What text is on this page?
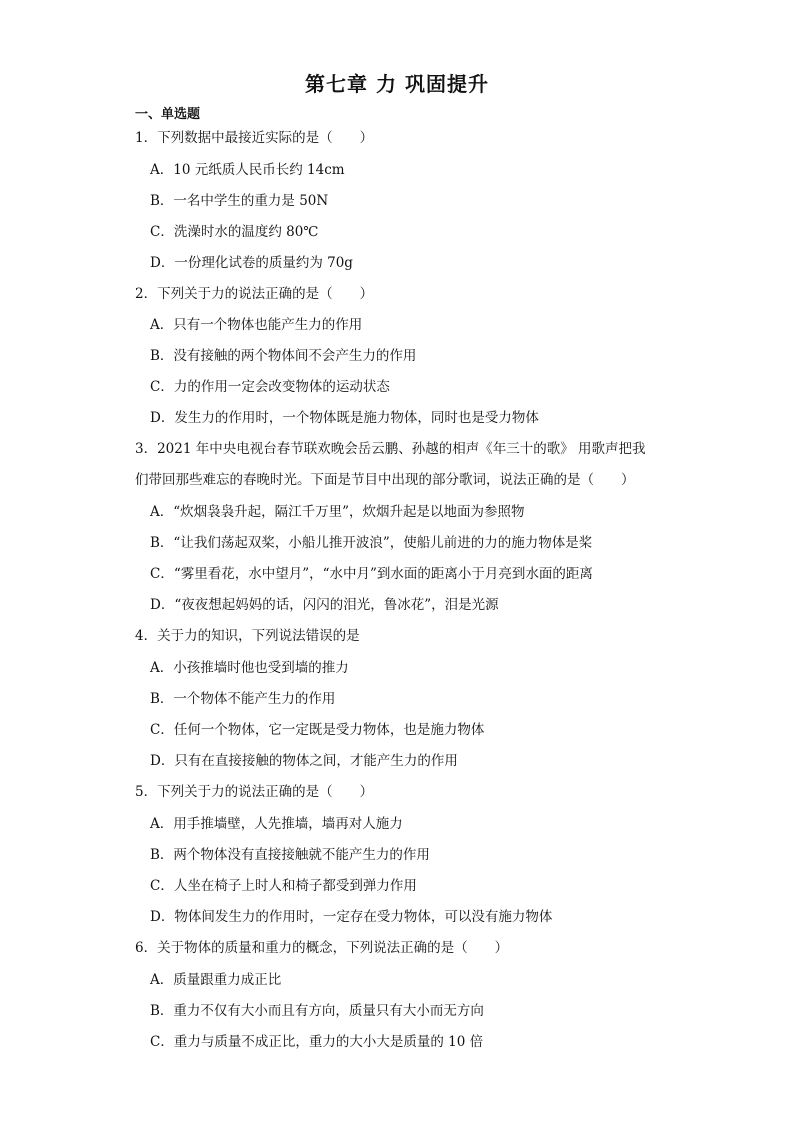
第七章 力 巩固提升
一、单选题
1．下列数据中最接近实际的是（　　）
A．10 元纸质人民币长约 14cm
B．一名中学生的重力是 50N
C．洗澡时水的温度约 80℃
D．一份理化试卷的质量约为 70g
2．下列关于力的说法正确的是（　　）
A．只有一个物体也能产生力的作用
B．没有接触的两个物体间不会产生力的作用
C．力的作用一定会改变物体的运动状态
D．发生力的作用时，一个物体既是施力物体，同时也是受力物体
3．2021 年中央电视台春节联欢晚会岳云鹏、孙越的相声《年三十的歌》 用歌声把我
们带回那些难忘的春晚时光。下面是节目中出现的部分歌词，说法正确的是（　　）
A．“炊烟袅袅升起，隔江千万里”，炊烟升起是以地面为参照物
B．“让我们荡起双桨，小船儿推开波浪”，使船儿前进的力的施力物体是桨
C．“雾里看花，水中望月”，“水中月”到水面的距离小于月亮到水面的距离
D．“夜夜想起妈妈的话，闪闪的泪光，鲁冰花”，泪是光源
4．关于力的知识，下列说法错误的是
A．小孩推墙时他也受到墙的推力
B．一个物体不能产生力的作用
C．任何一个物体，它一定既是受力物体，也是施力物体
D．只有在直接接触的物体之间，才能产生力的作用
5．下列关于力的说法正确的是（　　）
A．用手推墙壁，人先推墙，墙再对人施力
B．两个物体没有直接接触就不能产生力的作用
C．人坐在椅子上时人和椅子都受到弹力作用
D．物体间发生力的作用时，一定存在受力物体，可以没有施力物体
6．关于物体的质量和重力的概念，下列说法正确的是（　　）
A．质量跟重力成正比
B．重力不仅有大小而且有方向，质量只有大小而无方向
C．重力与质量不成正比，重力的大小大是质量的 10 倍
